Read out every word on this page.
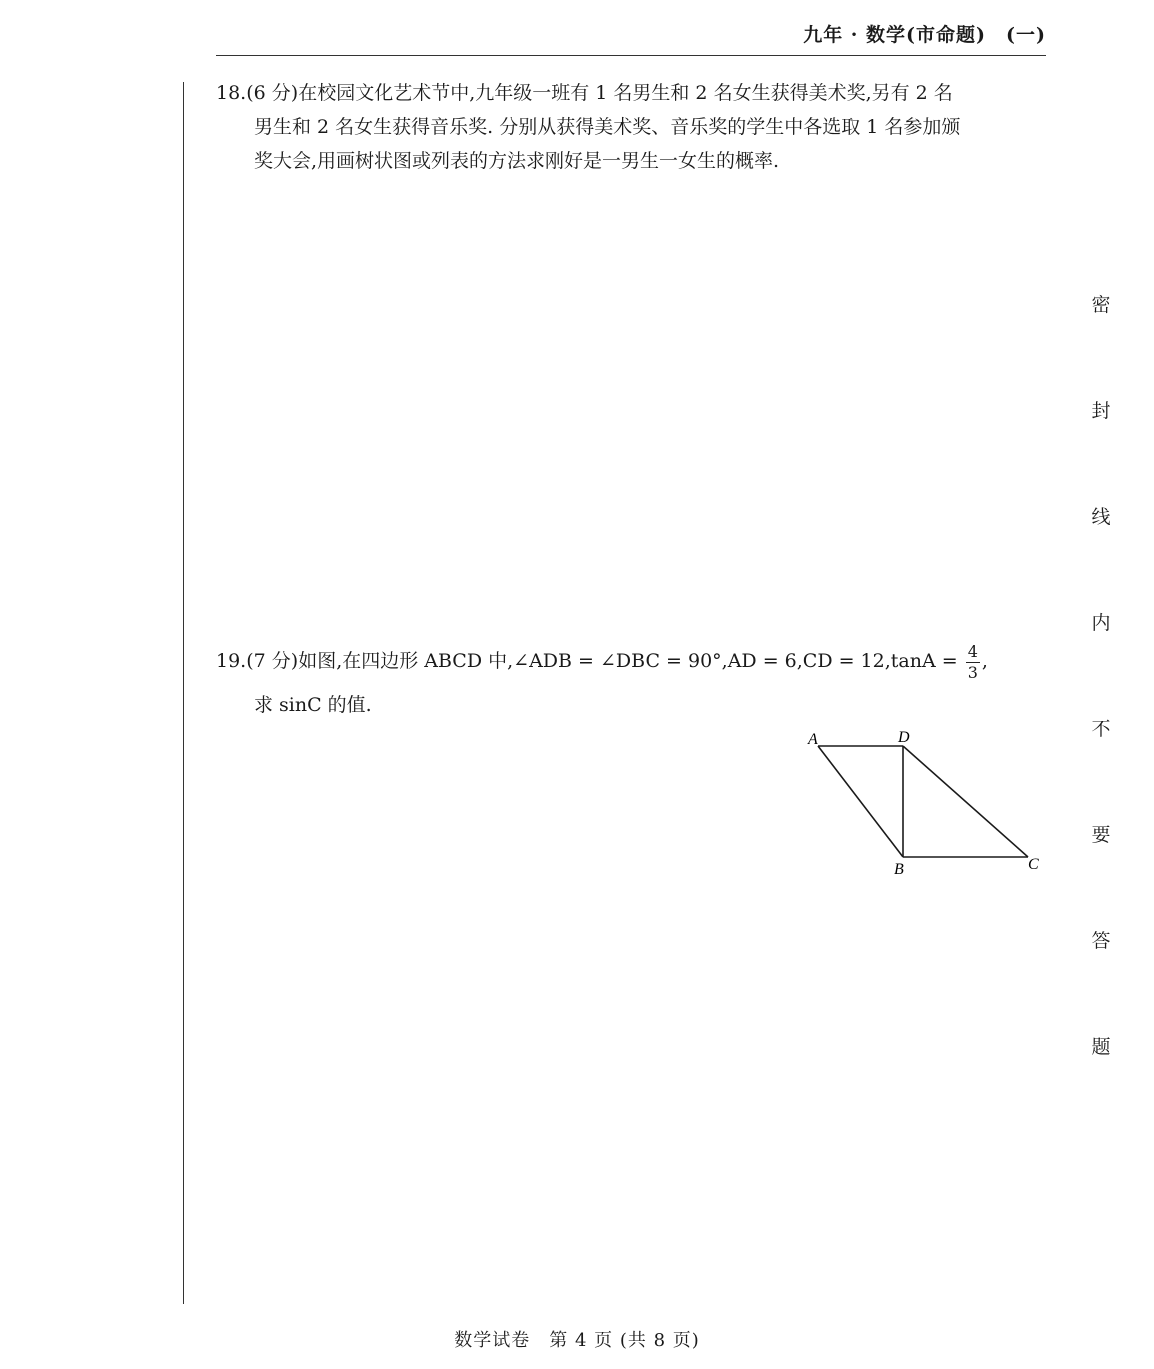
九年 · 数学(市命题)　(一)
18.(6 分)在校园文化艺术节中,九年级一班有 1 名男生和 2 名女生获得美术奖,另有 2 名
男生和 2 名女生获得音乐奖. 分别从获得美术奖、音乐奖的学生中各选取 1 名参加颁
奖大会,用画树状图或列表的方法求刚好是一男生一女生的概率.
19.(7 分)如图,在四边形 ABCD 中,∠ADB = ∠DBC = $90^\circ,AD = 6,CD = 12,\tan A = \frac{4}{3}$ ,
求 sinC 的值.
A	D
B	C
密
封
线
内
不
要
答
题
数学试卷　第 4 页 (共 8 页)
